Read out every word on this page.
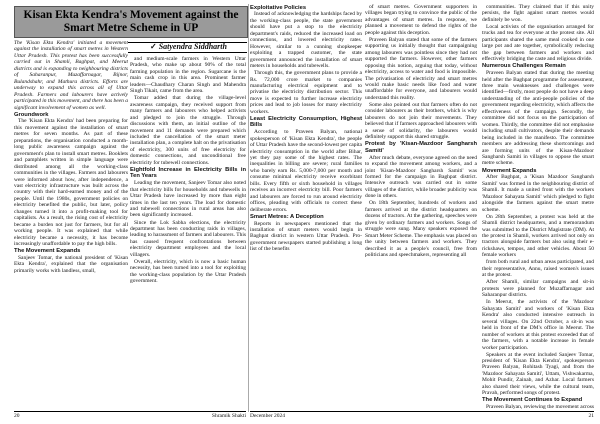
Kisan Ekta Kendra's Movement against the Smart Metre Scheme in UP
✓ Satyendra Siddharth

The 'Kisan Ekta Kendra' initiated a movement against the installation of smart metres in Western Uttar Pradesh. This protest has been successfully carried out in Shamli, Baghpat, and Meerut districts and is expanding to neighbouring districts of Saharanpur, Muzaffarnagar, Bijnor, Bulandshahr, and Mathura districts. Efforts are underway to expand this across all of Uttar Pradesh. Farmers and labourers have actively participated in this movement, and there has been a significant involvement of women as well.

Groundwork

The 'Kisan Ekta Kendra' had been preparing for this movement against the installation of smart metres for seven months. As part of these preparations, the organisation conducted a month-long public awareness campaign against the government's plan to install smart metres. Booklets and pamphlets written in simple language were distributed among all the working-class communities in the villages. Farmers and labourers were informed about how, after independence, a vast electricity infrastructure was built across the country with their hard-earned money and of the people. Until the 1980s, government policies on electricity benefited the public, but later, policy changes turned it into a profit-making tool for capitalists. As a result, the rising cost of electricity became a burden not just for farmers, but for all working people. It was explained that while electricity became a necessity, it has become increasingly unaffordable to pay the high bills.

The Movement Expands

Sanjeev Tomar, the national president of 'Kisan Ekta Kendra', explained that the organisation primarily works with landless, small,

and medium-scale farmers in Western Uttar Pradesh, who make up about 90% of the total farming population in the region. Sugarcane is the main cash crop in this area. Prominent farmer leaders—Chaudhary Charan Singh and Mahendra Singh Tikait, came from the area.

Tomar added that during the village-level awareness campaign, they received support from many farmers and labourers who helped activists and pledged to join the struggle. Through discussions with them, an initial outline of the movement and 11 demands were prepared which included the cancellation of the smart meter installation plan, a complete halt on the privatisation of electricity, 300 units of free electricity for domestic connections, and unconditional free electricity for tubewell connections.

Eightfold Increase in Electricity Bills in Ten Years

Leading the movement, Sanjeev Tomar also noted that electricity bills for households and tubewells in Uttar Pradesh have increased by more than eight times in the last ten years. The load for domestic and tubewell connections in rural areas has also been significantly increased.

Since the Lok Sabha elections, the electricity department has been conducting raids in villages, leading to harassment of farmers and labourers. This has caused frequent confrontations between electricity department employees and the local villagers.

Overall, electricity, which is now a basic human necessity, has been turned into a tool for exploiting the working-class population by the Uttar Pradesh government.

Exploitative Policies

Instead of acknowledging the hardships faced by the working-class people, the state government should have put a stop to the electricity department's raids, reduced the increased load on connections, and lowered electricity rates. However, similar to a cunning shopkeeper exploiting a trapped customer, the state government announced the installation of smart meters in households and tubewells.

Through this, the government plans to provide a Rs. 72,000 crore market to companies manufacturing electrical equipment and to privatise the electricity distribution sector. This move is expected to further increase electricity prices and lead to job losses for many electricity workers.

Least Electricity Consumption, Highest Bills

According to Praveen Balyan, national spokesperson of 'Kisan Ekta Kendra', the people of Uttar Pradesh have the second-lowest per capita electricity consumption in the world after Bihar, yet they pay some of the highest rates. The inequalities in billing are severe; rural families who barely earn Rs. 5,000-7,000 per month and consume minimal electricity receive exorbitant bills. Every fifth or sixth household in villages receives an incorrect electricity bill. Poor farmers and labourers are forced to run around electricity offices, pleading with officials to correct these deliberate errors.

Smart Metres: A Deception

Reports in newspapers mentioned that the installation of smart meters would begin in Baghpat district in western Uttar Pradesh. Pro-government newspapers started publishing a long list of the benefits

of smart metres. Government supporters in villages began trying to convince the public of the advantages of smart metres. In response, we planned a movement to defend the rights of the people against this deception.

Praveen Balyan stated that some of the farmers supporting us initially thought that campaigning among labourers was pointless since they had not supported the farmers. However, other farmers opposing this notion, arguing that today, without electricity, access to water and food is impossible. The privatisation of electricity and smart metres would make basic needs like food and water unaffordable for everyone, and labourers would understand this reality.

Some also pointed out that farmers often do not consider labourers as their brothers, which is why labourers do not join their movements. They believed that if farmers approached labourers with a sense of solidarity, the labourers would definitely support this shared struggle.

Protest by 'Kisan-Mazdoor Sangharsh Samiti'

After much debate, everyone agreed on the need to expand the movement among workers, and a joint 'Kisan-Mazdoor Sangharsh Samiti' was formed for the campaign in Baghpat district. Intensive outreach was carried out in some villages of the district, while broader publicity was done in others.

On 18th September, hundreds of workers and farmers arrived at the district headquarters on dozens of tractors. At the gathering, speeches were given by ordinary farmers and workers. Songs of struggle were sung. Many speakers exposed the Smart Meter Scheme. The emphasis was placed on the unity between farmers and workers. They described it as a people's council, free from politicians and speechmakers, representing all

communities. They claimed that if this unity persists, the fight against smart metres would definitely be won.

Local activists of the organisation arranged for trucks and tea for everyone at the protest site. All participants shared the same meal cooked in one large pot and ate together, symbolically reducing the gap between farmers and workers and effectively bridging the caste and religious divide.

Numerous Challenges Remain

Praveen Balyan stated that during the meeting held after the Baghpat programme for assessment, three main weaknesses and challenges were identified—firstly, most people do not have a deep understanding of the anti-people policies of the government regarding electricity, which affects the effectiveness of the campaign. Secondly, the committee did not focus on the participation of women. Thirdly, the committee did not emphasise including small cultivators, despite their demands being included in the manifesto. The committee members are addressing these shortcomings and are forming units of the Kisan-Mazdoor Sangharsh Samiti in villages to oppose the smart metre scheme.

Movement Expands

After Baghpat, a 'Kisan Mazdoor Sangharsh Samiti' was formed in the neighbouring district of Shamli. It made a united front with the workers 'Mazdoor Sahayata Samiti' which pledged to fight alongside the farmers against the smart metre scheme.

On 28th September, a protest was held at the Shamli district headquarters, and a memorandum was submitted to the District Magistrate (DM). At the protest in Shamli, workers arrived not only on tractors alongside farmers but also using their e-rickshaws, tempos, and other vehicles. About 50 female workers

from both rural and urban areas participated, and their representative, Annu, raised women's issues at the protest.

After Shamli, similar campaigns and sit-in protests were planned for Muzaffarnagar and Saharanpur districts.

In Meerut, the activists of the 'Mazdoor Sahayata Samiti' and workers of 'Kisan Ekta Kendra' also conducted intensive outreach in several villages. On 22nd October, a sit-in was held in front of the DM's office in Meerut. The number of workers at this protest exceeded that of the farmers, with a notable increase in female worker participation.

Speakers at the event included Sanjeev Tomar, president of 'Kisan Ekta Kendra', spokesperson Praveen Balyan, Rohitash Tyagi, and from the 'Mazdoor Sahayata Samiti', Uttam, Vishwakarma, Mohit Pundir, Zainab, and Azhar. Local farmers also shared their views, while the cultural team, Pravah, performed songs of protest.

The Movement Continues to Expand

Praveen Balyan, reviewing the movement across

20	Shramik Shakti December 2024	21
